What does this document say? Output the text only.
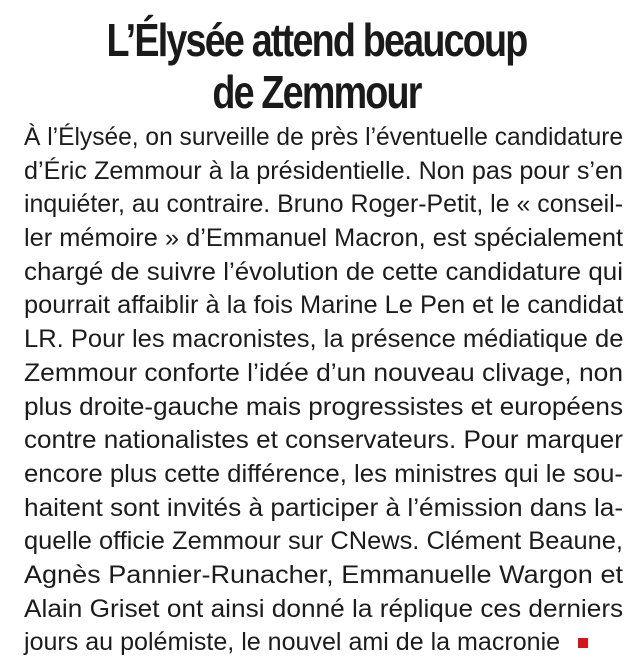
L’Élysée attend beaucoup
de Zemmour
À l’Élysée, on surveille de près l’éventuelle candidature
d’Éric Zemmour à la présidentielle. Non pas pour s’en
inquiéter, au contraire. Bruno Roger-Petit, le « conseil-
ler mémoire » d’Emmanuel Macron, est spécialement
chargé de suivre l’évolution de cette candidature qui
pourrait affaiblir à la fois Marine Le Pen et le candidat
LR. Pour les macronistes, la présence médiatique de
Zemmour conforte l’idée d’un nouveau clivage, non
plus droite-gauche mais progressistes et européens
contre nationalistes et conservateurs. Pour marquer
encore plus cette différence, les ministres qui le sou-
haitent sont invités à participer à l’émission dans la-
quelle officie Zemmour sur CNews. Clément Beaune,
Agnès Pannier-Runacher, Emmanuelle Wargon et
Alain Griset ont ainsi donné la réplique ces derniers
jours au polémiste, le nouvel ami de la macronie
